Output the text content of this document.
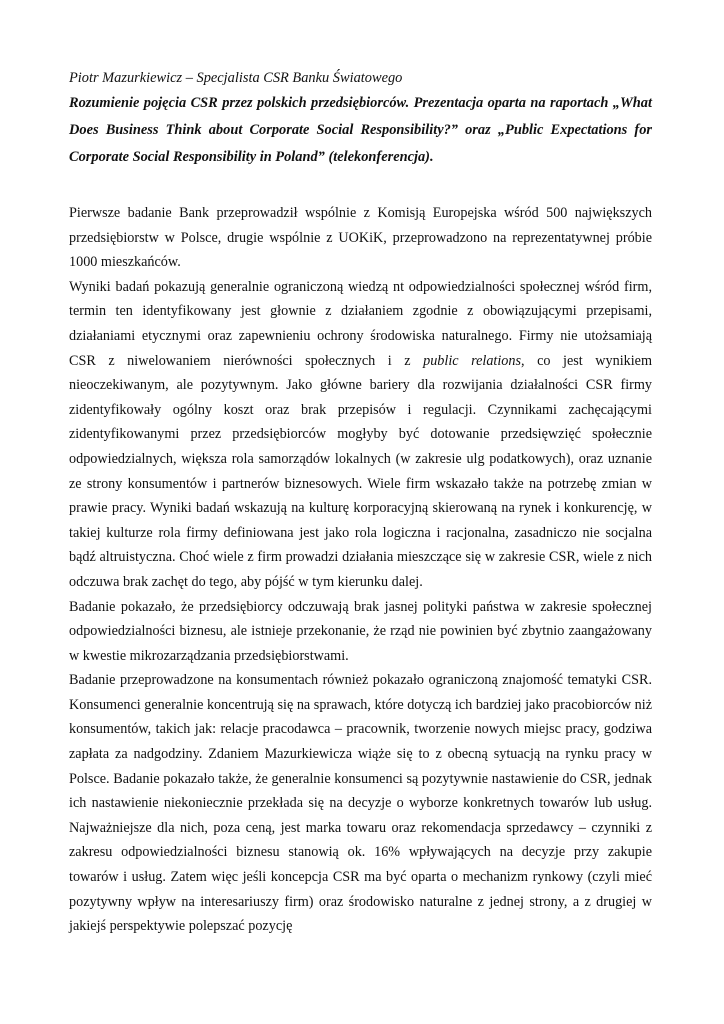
Piotr Mazurkiewicz – Specjalista CSR Banku Światowego

Rozumienie pojęcia CSR przez polskich przedsiębiorców. Prezentacja oparta na raportach „What Does Business Think about Corporate Social Responsibility?” oraz „Public Expectations for Corporate Social Responsibility in Poland” (telekonferencja).

Pierwsze badanie Bank przeprowadził wspólnie z Komisją Europejska wśród 500 największych przedsiębiorstw w Polsce, drugie wspólnie z UOKiK, przeprowadzono na reprezentatywnej próbie 1000 mieszkańców.

Wyniki badań pokazują generalnie ograniczoną wiedzą nt odpowiedzialności społecznej wśród firm, termin ten identyfikowany jest głownie z działaniem zgodnie z obowiązującymi przepisami, działaniami etycznymi oraz zapewnieniu ochrony środowiska naturalnego. Firmy nie utożsamiają CSR z niwelowaniem nierówności społecznych i z public relations, co jest wynikiem nieoczekiwanym, ale pozytywnym. Jako główne bariery dla rozwijania działalności CSR firmy zidentyfikowały ogólny koszt oraz brak przepisów i regulacji. Czynnikami zachęcającymi zidentyfikowanymi przez przedsiębiorców mogłyby być dotowanie przedsięwzięć społecznie odpowiedzialnych, większa rola samorządów lokalnych (w zakresie ulg podatkowych), oraz uznanie ze strony konsumentów i partnerów biznesowych. Wiele firm wskazało także na potrzebę zmian w prawie pracy. Wyniki badań wskazują na kulturę korporacyjną skierowaną na rynek i konkurencję, w takiej kulturze rola firmy definiowana jest jako rola logiczna i racjonalna, zasadniczo nie socjalna bądź altruistyczna. Choć wiele z firm prowadzi działania mieszczące się w zakresie CSR, wiele z nich odczuwa brak zachęt do tego, aby pójść w tym kierunku dalej.

Badanie pokazało, że przedsiębiorcy odczuwają brak jasnej polityki państwa w zakresie społecznej odpowiedzialności biznesu, ale istnieje przekonanie, że rząd nie powinien być zbytnio zaangażowany w kwestie mikrozarządzania przedsiębiorstwami.

Badanie przeprowadzone na konsumentach również pokazało ograniczoną znajomość tematyki CSR. Konsumenci generalnie koncentrują się na sprawach, które dotyczą ich bardziej jako pracobiorców niż konsumentów, takich jak: relacje pracodawca – pracownik, tworzenie nowych miejsc pracy, godziwa zapłata za nadgodziny. Zdaniem Mazurkiewicza wiąże się to z obecną sytuacją na rynku pracy w Polsce. Badanie pokazało także, że generalnie konsumenci są pozytywnie nastawienie do CSR, jednak ich nastawienie niekoniecznie przekłada się na decyzje o wyborze konkretnych towarów lub usług. Najważniejsze dla nich, poza ceną, jest marka towaru oraz rekomendacja sprzedawcy – czynniki z zakresu odpowiedzialności biznesu stanowią ok. 16% wpływających na decyzje przy zakupie towarów i usług. Zatem więc jeśli koncepcja CSR ma być oparta o mechanizm rynkowy (czyli mieć pozytywny wpływ na interesariuszy firm) oraz środowisko naturalne z jednej strony, a z drugiej w jakiejś perspektywie polepszać pozycję
